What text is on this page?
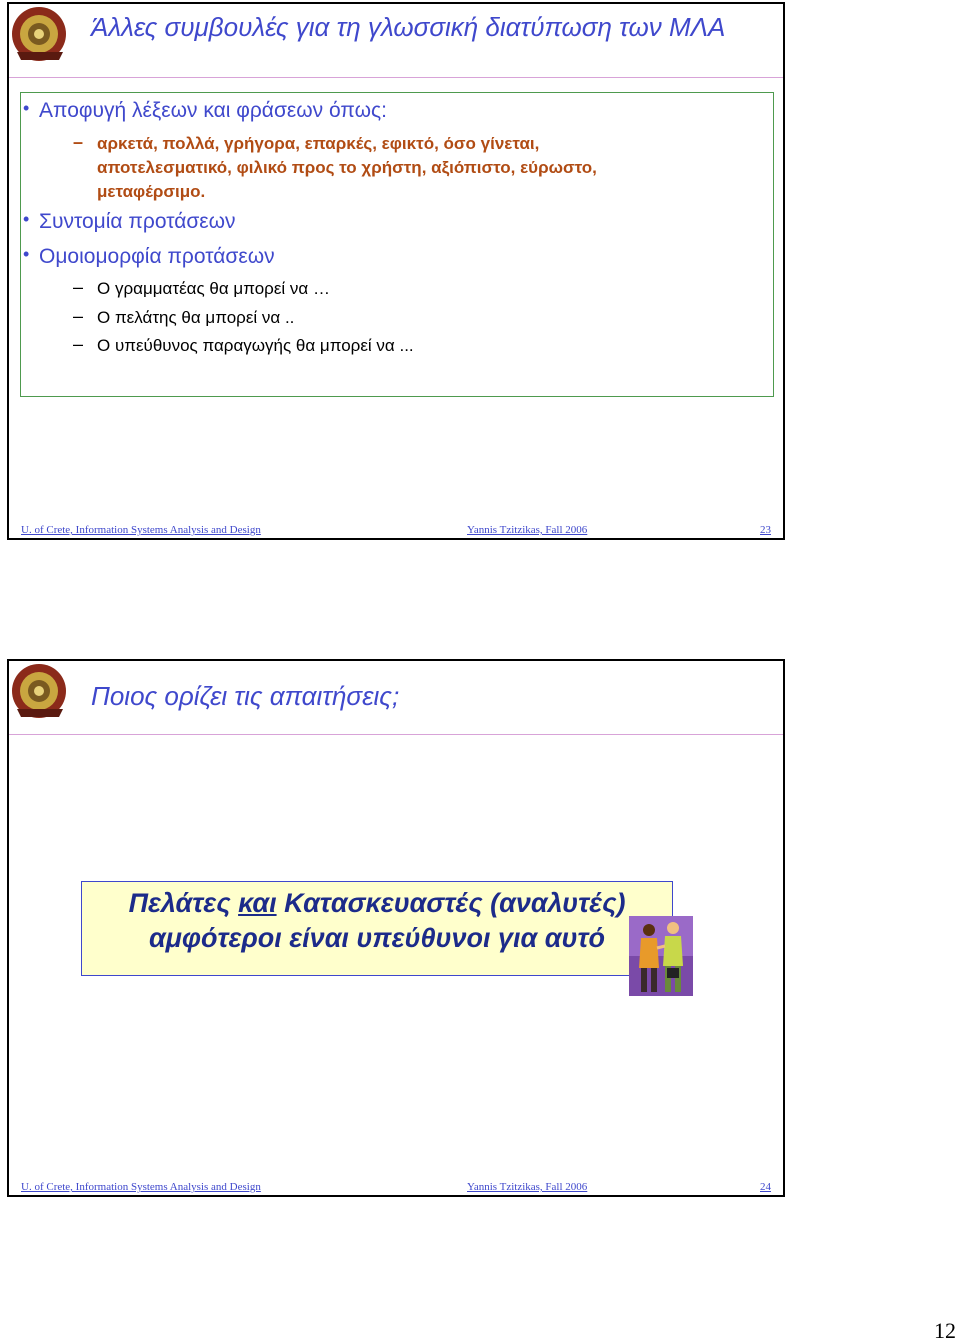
Άλλες συμβουλές για τη γλωσσική διατύπωση των ΜΛΑ
• Αποφυγή λέξεων και φράσεων όπως:
– αρκετά, πολλά, γρήγορα, επαρκές, εφικτό, όσο γίνεται,
αποτελεσματικό, φιλικό προς το χρήστη, αξιόπιστο, εύρωστο,
μεταφέρσιμο.
• Συντομία προτάσεων
• Ομοιομορφία προτάσεων
– Ο γραμματέας θα μπορεί να …
– Ο πελάτης θα μπορεί να ..
– Ο υπεύθυνος παραγωγής θα μπορεί να ...
U. of Crete, Information Systems Analysis and Design	Yannis Tzitzikas, Fall 2006	23
Ποιος ορίζει τις απαιτήσεις;
Πελάτες και Κατασκευαστές (αναλυτές)
αμφότεροι είναι υπεύθυνοι για αυτό
U. of Crete, Information Systems Analysis and Design	Yannis Tzitzikas, Fall 2006	24
12
